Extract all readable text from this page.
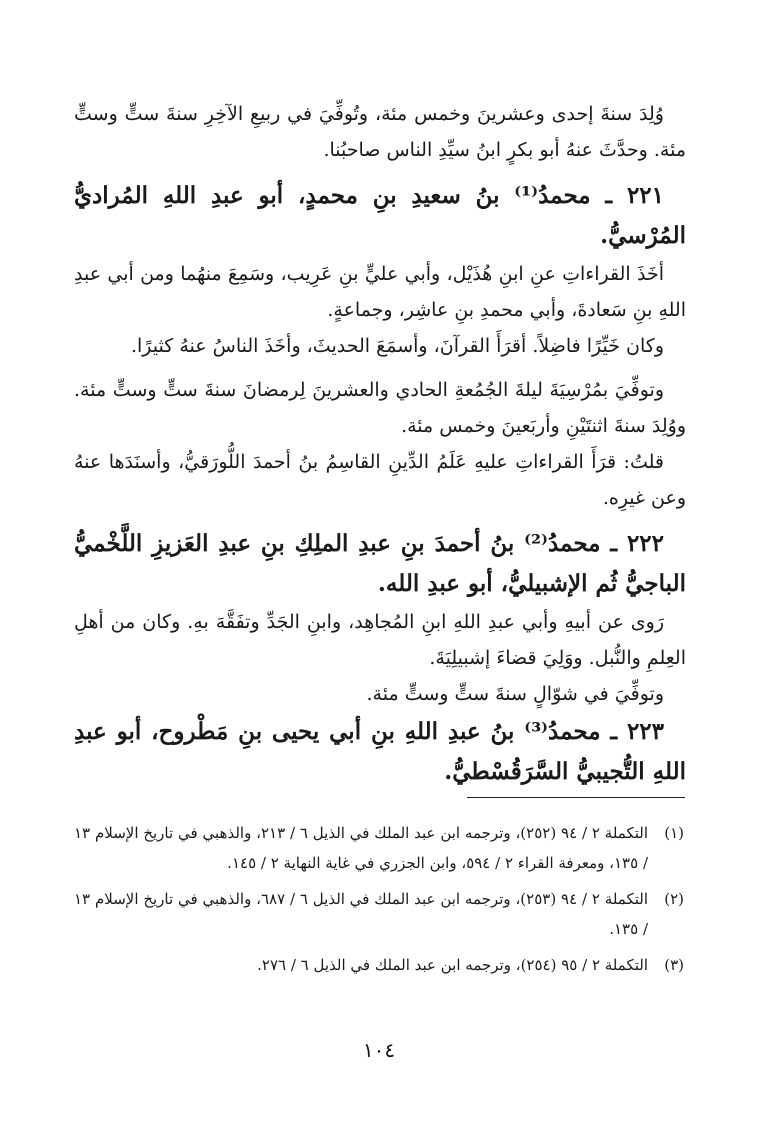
وُلِدَ سنةَ إحدى وعشرينَ وخمس مئة، وتُوفِّيَ في ربيعِ الآخِرِ سنةَ ستٍّ وستٍّ مئة. وحدَّثَ عنهُ أبو بكرٍ ابنُ سيِّدِ الناس صاحبُنا.

٢٢١ ـ محمدُ⁽¹⁾ بنُ سعيدِ بنِ محمدٍ، أبو عبدِ اللهِ المُراديُّ المُرْسيُّ.

أخَذَ القراءاتِ عنِ ابنِ هُذَيْل، وأبي عليٍّ بنِ عَرِيب، وسَمِعَ منهُما ومن أبي عبدِ اللهِ بنِ سَعادةَ، وأبي محمدِ بنِ عاشِر، وجماعةٍ.

وكان خَيِّرًا فاضِلاً. أقرَأَ القرآنَ، وأسمَعَ الحديثَ، وأخَذَ الناسُ عنهُ كثيرًا.

وتوفِّيَ بمُرْسِيَةَ ليلةَ الجُمُعةِ الحادي والعشرينَ لِرمضانَ سنةَ ستٍّ وستٍّ مئة. ووُلِدَ سنةَ اثنتَيْنِ وأربَعينَ وخمس مئة.

قلتُ: قرَأَ القراءاتِ عليهِ عَلَمُ الدِّينِ القاسِمُ بنُ أحمدَ اللُّورَقيُّ، وأسنَدَها عنهُ وعن غيرِه.

٢٢٢ ـ محمدُ⁽²⁾ بنُ أحمدَ بنِ عبدِ الملِكِ بنِ عبدِ العَزيزِ اللَّخْميُّ الباجيُّ ثُم الإشبيليُّ، أبو عبدِ الله.

رَوى عن أبيهِ وأبي عبدِ اللهِ ابنِ المُجاهِد، وابنِ الجَدِّ وتفَقَّهَ بهِ. وكان من أهلِ العِلمِ والنُّبل. ووَلِيَ قضاءَ إشبيلِيَةَ.

وتوفِّيَ في شوّالٍ سنةَ ستٍّ وستٍّ مئة.

٢٢٣ ـ محمدُ⁽³⁾ بنُ عبدِ اللهِ بنِ أبي يحيى بنِ مَطْروح، أبو عبدِ اللهِ التُّجيبيُّ السَّرَقُسْطيُّ.

(١)
التكملة ٢ / ٩٤ (٢٥٢)، وترجمه ابن عبد الملك في الذيل ٦ / ٢١٣، والذهبي في تاريخ الإسلام ١٣ / ١٣٥، ومعرفة القراء ٢ / ٥٩٤، وابن الجزري في غاية النهاية ٢ / ١٤٥.
(٢)
التكملة ٢ / ٩٤ (٢٥٣)، وترجمه ابن عبد الملك في الذيل ٦ / ٦٨٧، والذهبي في تاريخ الإسلام ١٣ / ١٣٥.
(٣)
التكملة ٢ / ٩٥ (٢٥٤)، وترجمه ابن عبد الملك في الذيل ٦ / ٢٧٦.
١٠٤
